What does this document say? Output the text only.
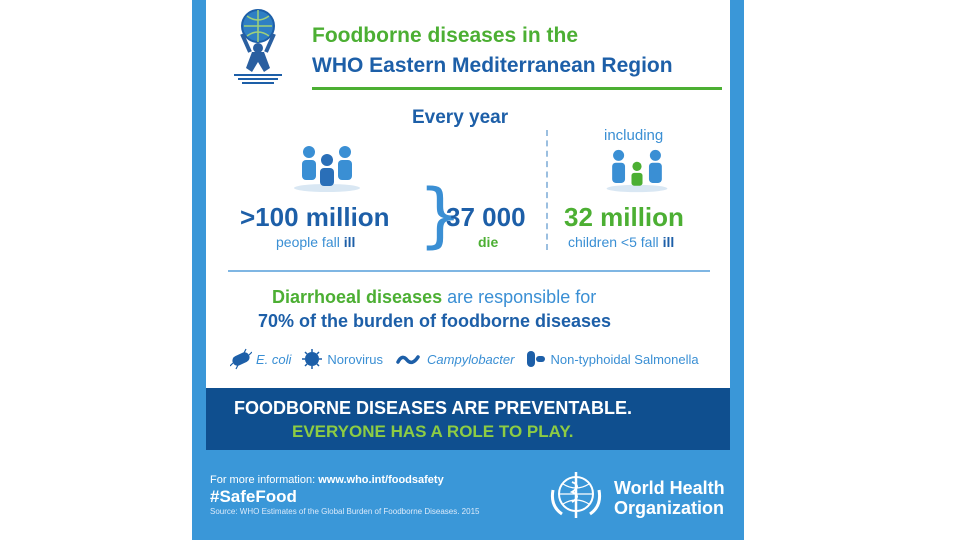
Foodborne diseases in the
WHO Eastern Mediterranean Region
Every year
including
>100 million
people fall ill }
37 000
die
32 million
children <5 fall ill
Diarrhoeal diseases are responsible for
70% of the burden of foodborne diseases
E. coli	Norovirus	Campylobacter	Non-typhoidal Salmonella
FOODBORNE DISEASES ARE PREVENTABLE.
EVERYONE HAS A ROLE TO PLAY.
For more information: www.who.int/foodsafety
#SafeFood
Source: WHO Estimates of the Global Burden of Foodborne Diseases. 2015
World Health
Organization
